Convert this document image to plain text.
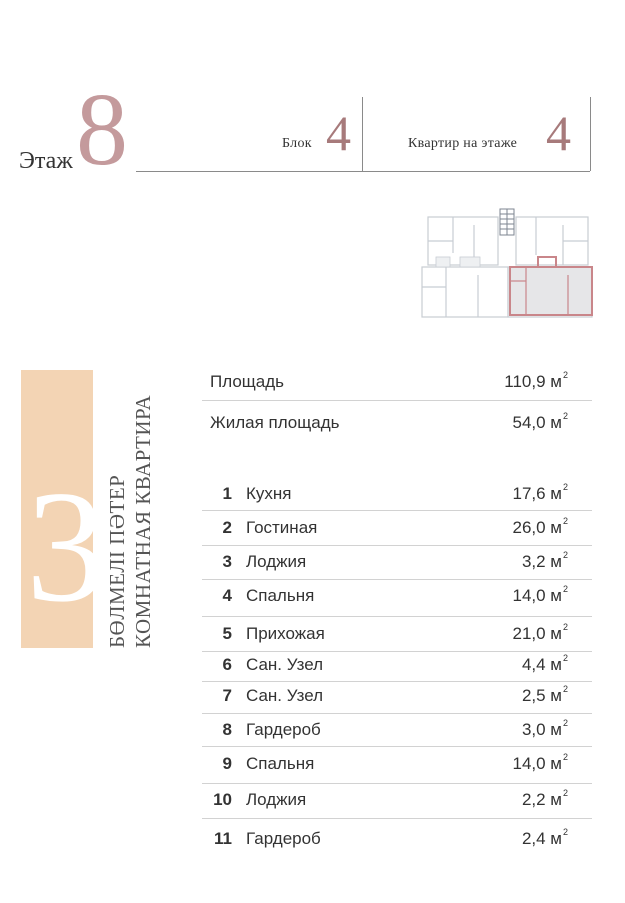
Этаж 8	Блок 4	Квартир на этаже 4
3 БӨЛМЕЛІ ПӘТЕР КОМНАТНАЯ КВАРТИРА
Площадь	110,9 $м^2$
Жилая площадь	54,0 $м^2$
1 Кухня	17,6 $м^2$
2 Гостиная	26,0 $м^2$
3 Лоджия	3,2 $м^2$
4 Спальня	14,0 $м^2$
5 Прихожая	21,0 $м^2$
6 Сан. Узел	4,4 $м^2$
7 Сан. Узел	2,5 $м^2$
8 Гардероб	3,0 $м^2$
9 Спальня	14,0 $м^2$
10 Лоджия	2,2 $м^2$
11 Гардероб	2,4 $м^2$
